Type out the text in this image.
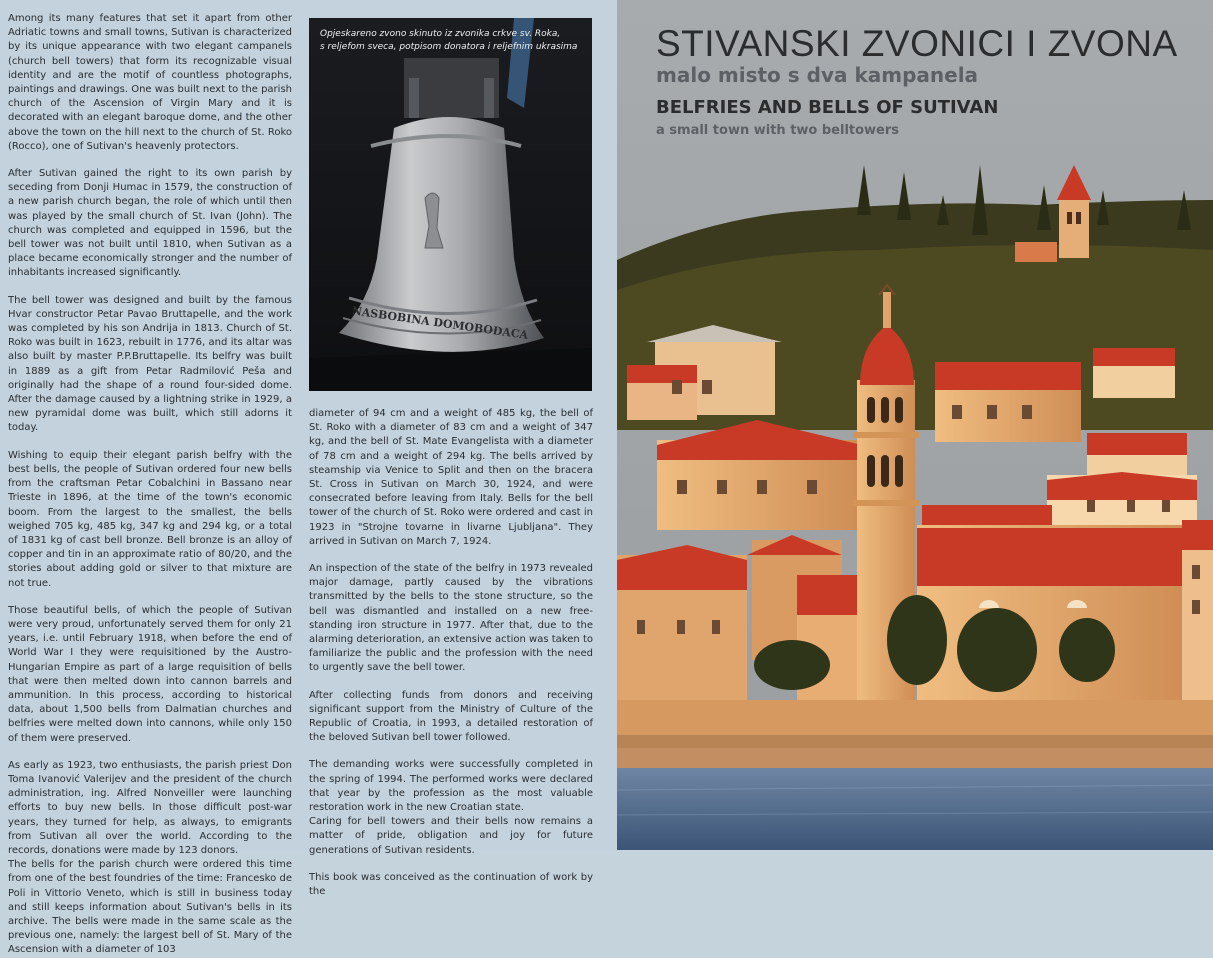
Among its many features that set it apart from other Adriatic towns and small towns, Sutivan is characterized by its unique appearance with two elegant campanels (church bell towers) that form its recognizable visual identity and are the motif of countless photographs, paintings and drawings. One was built next to the parish church of the Ascension of Virgin Mary and it is decorated with an elegant baroque dome, and the other above the town on the hill next to the church of St. Roko (Rocco), one of Sutivan's heavenly protectors.

After Sutivan gained the right to its own parish by seceding from Donji Humac in 1579, the construction of a new parish church began, the role of which until then was played by the small church of St. Ivan (John). The church was completed and equipped in 1596, but the bell tower was not built until 1810, when Sutivan as a place became economically stronger and the number of inhabitants increased significantly.

The bell tower was designed and built by the famous Hvar constructor Petar Pavao Bruttapelle, and the work was completed by his son Andrija in 1813. Church of St. Roko was built in 1623, rebuilt in 1776, and its altar was also built by master P.P.Bruttapelle. Its belfry was built in 1889 as a gift from Petar Radmilović Peša and originally had the shape of a round four-sided dome. After the damage caused by a lightning strike in 1929, a new pyramidal dome was built, which still adorns it today.

Wishing to equip their elegant parish belfry with the best bells, the people of Sutivan ordered four new bells from the craftsman Petar Cobalchini in Bassano near Trieste in 1896, at the time of the town's economic boom. From the largest to the smallest, the bells weighed 705 kg, 485 kg, 347 kg and 294 kg, or a total of 1831 kg of cast bell bronze. Bell bronze is an alloy of copper and tin in an approximate ratio of 80/20, and the stories about adding gold or silver to that mixture are not true.

Those beautiful bells, of which the people of Sutivan were very proud, unfortunately served them for only 21 years, i.e. until February 1918, when before the end of World War I they were requisitioned by the Austro-Hungarian Empire as part of a large requisition of bells that were then melted down into cannon barrels and ammunition. In this process, according to historical data, about 1,500 bells from Dalmatian churches and belfries were melted down into cannons, while only 150 of them were preserved.

As early as 1923, two enthusiasts, the parish priest Don Toma Ivanović Valerijev and the president of the church administration, ing. Alfred Nonveiller were launching efforts to buy new bells. In those difficult post-war years, they turned for help, as always, to emigrants from Sutivan all over the world. According to the records, donations were made by 123 donors.

The bells for the parish church were ordered this time from one of the best foundries of the time: Francesko de Poli in Vittorio Veneto, which is still in business today and still keeps information about Sutivan's bells in its archive. The bells were made in the same scale as the previous one, namely: the largest bell of St. Mary of the Ascension with a diameter of 103

NASBOBINA DOMOBODACA
Opjeskareno zvono skinuto iz zvonika crkve sv. Roka,
s reljefom sveca, potpisom donatora i reljefnim ukrasima

diameter of 94 cm and a weight of 485 kg, the bell of St. Roko with a diameter of 83 cm and a weight of 347 kg, and the bell of St. Mate Evangelista with a diameter of 78 cm and a weight of 294 kg. The bells arrived by steamship via Venice to Split and then on the bracera St. Cross in Sutivan on March 30, 1924, and were consecrated before leaving from Italy. Bells for the bell tower of the church of St. Roko were ordered and cast in 1923 in "Strojne tovarne in livarne Ljubljana". They arrived in Sutivan on March 7, 1924.

An inspection of the state of the belfry in 1973 revealed major damage, partly caused by the vibrations transmitted by the bells to the stone structure, so the bell was dismantled and installed on a new free-standing iron structure in 1977. After that, due to the alarming deterioration, an extensive action was taken to familiarize the public and the profession with the need to urgently save the bell tower.

After collecting funds from donors and receiving significant support from the Ministry of Culture of the Republic of Croatia, in 1993, a detailed restoration of the beloved Sutivan bell tower followed.

The demanding works were successfully completed in the spring of 1994. The performed works were declared that year by the profession as the most valuable restoration work in the new Croatian state.

Caring for bell towers and their bells now remains a matter of pride, obligation and joy for future generations of Sutivan residents.

This book was conceived as the continuation of work by the

STIVANSKI ZVONICI I ZVONA
malo misto s dva kampanela
BELFRIES AND BELLS OF SUTIVAN
a small town with two belltowers
